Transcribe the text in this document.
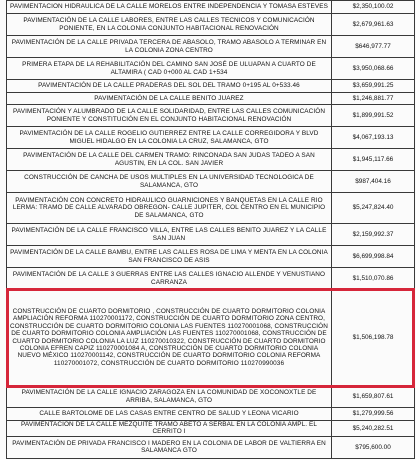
PAVIMENTACION HIDRAULICA DE LA CALLE MORELOS ENTRE INDEPENDENCIA Y TOMASA ESTEVES	$2,350,100.02
PAVIMENTACIÓN DE LA CALLE LABORES, ENTRE LAS CALLES TECNICOS Y COMUNICACIÓN PONIENTE, EN LA COLONIA CONJUNTO HABITACIONAL RENOVACIÓN	$2,679,961.63
PAVIMENTACIÓN DE LA CALLE PRIVADA TERCERA DE ABASOLO, TRAMO ABASOLO A TERMINAR EN LA COLONIA ZONA CENTRO	$646,977.77
PRIMERA ETAPA DE LA REHABILITACIÓN DEL CAMINO SAN JOSÉ DE ULUAPAN A CUARTO DE ALTAMIRA ( CAD 0+000 AL CAD 1+534	$3,950,068.66
PAVIMENTACIÓN DE LA CALLE PRADERAS DEL SOL DEL TRAMO 0+195 AL 0+533.46	$3,659,991.25
PAVIMENTACIÓN DE LA CALLE BENITO JUAREZ	$1,246,881.77
PAVIMENTACIÓN Y ALUMBRADO DE LA CALLE SOLIDARIDAD, ENTRE LAS CALLES COMUNICACIÓN PONIENTE Y CONSTITUCIÓN EN EL CONJUNTO HABITACIONAL RENOVACIÓN	$1,899,991.52
PAVIMENTACIÓN DE LA CALLE ROGELIO GUTIERREZ ENTRE LA CALLE CORREGIDORA Y BLVD MIGUEL HIDALGO EN LA COLONIA LA CRUZ, SALAMANCA, GTO	$4,067,193.13
PAVIMENTACIÓN DE LA CALLE DEL CARMEN TRAMO: RINCONADA SAN JUDAS TADEO A SAN AGUSTIN, EN LA COL. SAN JAVIER	$1,945,117.66
CONSTRUCCIÓN DE CANCHA DE USOS MULTIPLES EN LA UNIVERSIDAD TECNOLOGICA DE SALAMANCA, GTO	$987,404.16
PAVIMENTACIÓN CON CONCRETO HIDRAULICO GUARNICIONES Y BANQUETAS EN LA CALLE RIO LERMA: TRAMO DE CALLE ALVARADO OBREGON- CALLE JUPITER, COL CENTRO EN EL MUNICIPIO DE SALAMANCA, GTO	$5,247,824.40
PAVIMENTACIÓN DE LA CALLE FRANCISCO VILLA, ENTRE LAS CALLES BENITO JUAREZ Y LA CALLE SAN JUAN	$2,159,992.37
PAVIMENTACIÓN DE LA CALLE BAMBU, ENTRE LAS CALLES ROSA DE LIMA Y MENTA EN LA COLONIA SAN FRANCISCO DE ASIS	$6,699,998.84
PAVIMENTACIÓN DE LA CALLE 3 GUERRAS ENTRE LAS CALLES IGNACIO ALLENDE Y VENUSTIANO CARRANZA	$1,510,070.86
CONSTRUCCIÓN DE CUARTO DORMITORIO , CONSTRUCCIÓN DE CUARTO DORMITORIO COLONIA AMPLIACIÓN REFORMA 110270001172, CONSTRUCCIÓN DE CUARTO DORMITORIO ZONA CENTRO, CONSTRUCCIÓN DE CUARTO DORMITORIO COLONIA LAS FUENTES 110270001068, CONSTRUCCIÓN DE CUARTO DORMITORIO COLONIA AMPLIACIÓN LAS FUENTES 110270001068, CONSTRUCCIÓN DE CUARTO DORMITORIO COLONIA LA LUZ 110270010322, CONSTRUCCIÓN DE CUARTO DORMITORIO COLONIA EFREN CAPIZ 110270001084 A, CONSTRUCCIÓN DE CUARTO DORMITORIO COLONIA NUEVO MÉXICO 110270001142, CONSTRUCCIÓN DE CUARTO DORMITORIO COLONIA REFORMA 110270001072, CONSTRUCCIÓN DE CUARTO DORMITORIO 110270990036	$1,506,198.78
PAVIMENTACIÓN DE LA CALLE IGNACIO ZARAGOZA EN LA COMUNIDAD DE XOCONOXTLE DE ARRIBA, SALAMANCA, GTO	$1,659,807.61
CALLE BARTOLOME DE LAS CASAS ENTRE CENTRO DE SALUD Y LEONA VICARIO	$1,279,999.56
PAVIMENTACIÓN DE LA CALLE MEZQUITE TRAMO ABETO A SERBAL EN LA COLONIA AMPL. EL CERRITO I	$5,240,282.51
PAVIMENTACIÓN DE PRIVADA FRANCISCO I MADERO EN LA COLONIA DE LABOR DE VALTIERRA EN SALAMANCA GTO	$795,600.00
